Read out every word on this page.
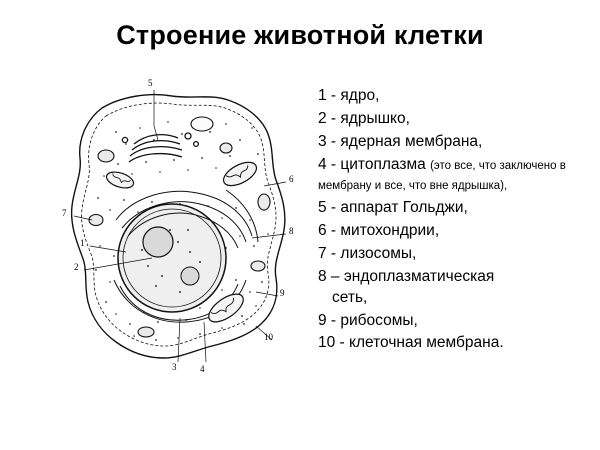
Строение животной клетки
5
6
7
8
1
2
9
10
3	4
1 - ядро,
2 - ядрышко,
3 - ядерная мембрана,
4 - цитоплазма (это все, что заключено в мембрану и все, что вне ядрышка),
5 - аппарат Гольджи,
6 - митохондрии,
7 - лизосомы,
8 – эндоплазматическая
сеть,
9 - рибосомы,
10 - клеточная мембрана.
